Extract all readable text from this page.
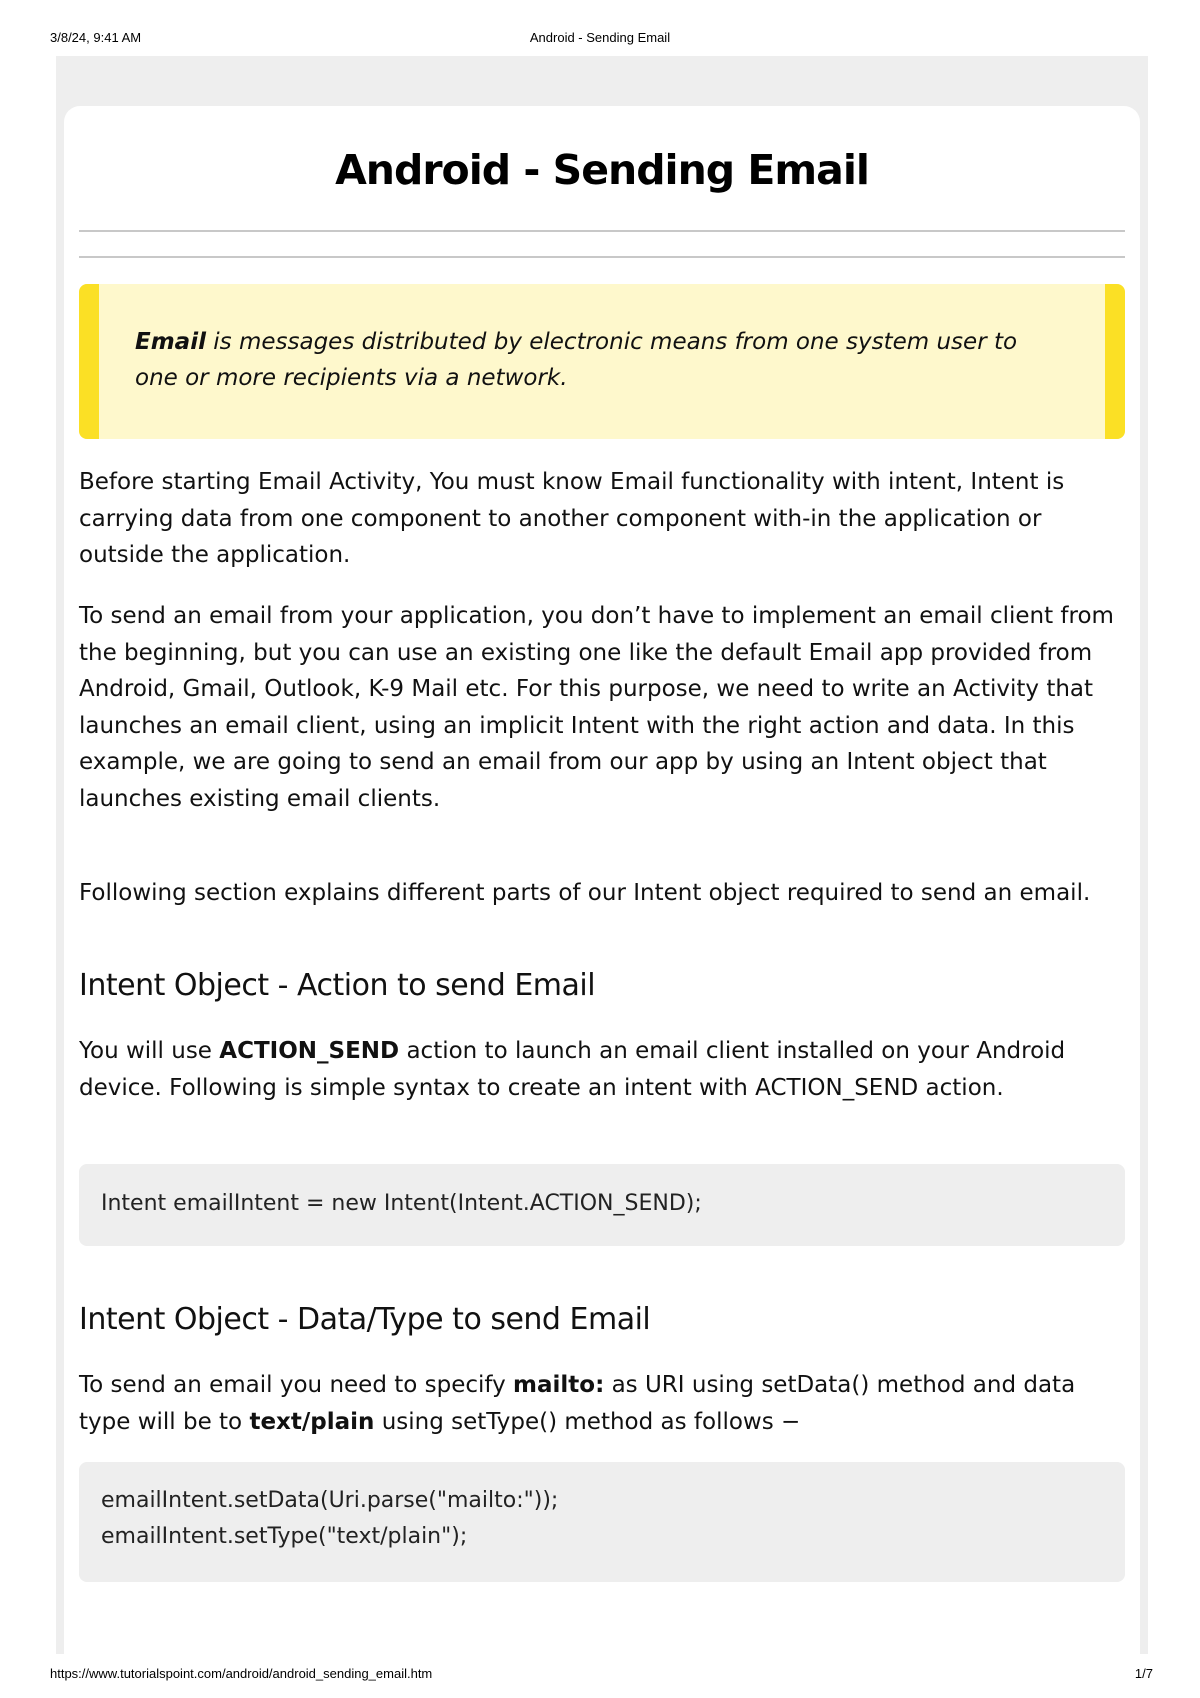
3/8/24, 9:41 AM	Android - Sending Email
Android - Sending Email

Email is messages distributed by electronic means from one system user to one or more recipients via a network.

Before starting Email Activity, You must know Email functionality with intent, Intent is carrying data from one component to another component with-in the application or outside the application.

To send an email from your application, you don’t have to implement an email client from the beginning, but you can use an existing one like the default Email app provided from Android, Gmail, Outlook, K-9 Mail etc. For this purpose, we need to write an Activity that launches an email client, using an implicit Intent with the right action and data. In this example, we are going to send an email from our app by using an Intent object that launches existing email clients.

Following section explains different parts of our Intent object required to send an email.

Intent Object - Action to send Email

You will use ACTION_SEND action to launch an email client installed on your Android device. Following is simple syntax to create an intent with ACTION_SEND action.

Intent emailIntent = new Intent(Intent.ACTION_SEND);
Intent Object - Data/Type to send Email

To send an email you need to specify mailto: as URI using setData() method and data type will be to text/plain using setType() method as follows −

emailIntent.setData(Uri.parse("mailto:"));
emailIntent.setType("text/plain");
https://www.tutorialspoint.com/android/android_sending_email.htm	1/7
